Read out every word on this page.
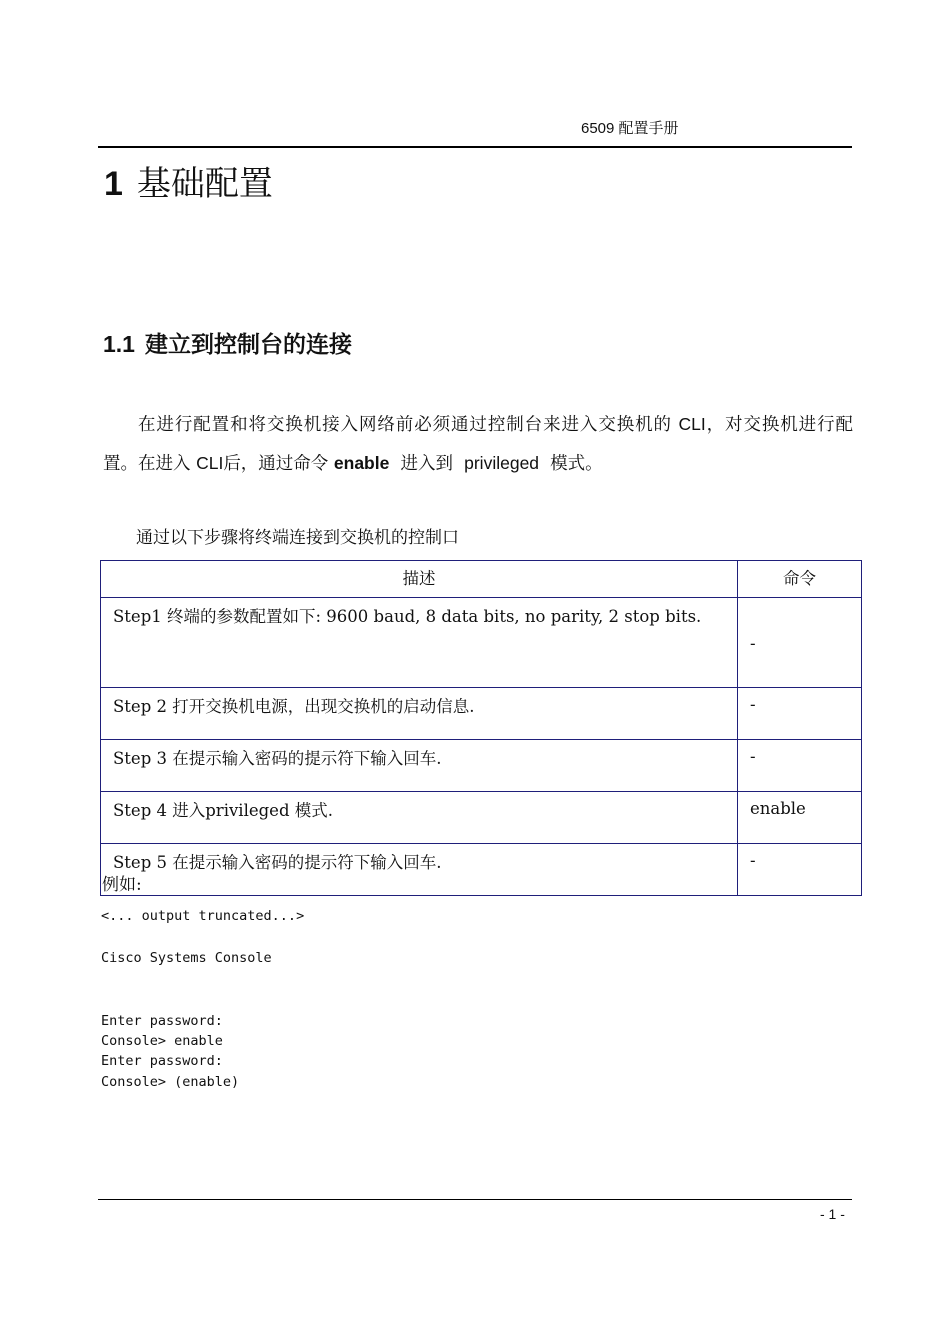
6509 配置手册
1 基础配置
1.1 建立到控制台的连接

在进行配置和将交换机接入网络前必须通过控制台来进入交换机的 CLI，对交换机进行配置。在进入 CLI后，通过命令 enable 进入到 privileged 模式。

通过以下步骤将终端连接到交换机的控制口
描述	命令
Step1 终端的参数配置如下: 9600 baud, 8 data bits, no parity, 2 stop bits.	-
Step 2 打开交换机电源，出现交换机的启动信息.	-
Step 3 在提示输入密码的提示符下输入回车.	-
Step 4 进入privileged 模式.	enable
Step 5 在提示输入密码的提示符下输入回车.	-
例如:
<... output truncated...>
Cisco Systems Console
Enter password:
Console> enable
Enter password:
Console> (enable)
- 1 -
